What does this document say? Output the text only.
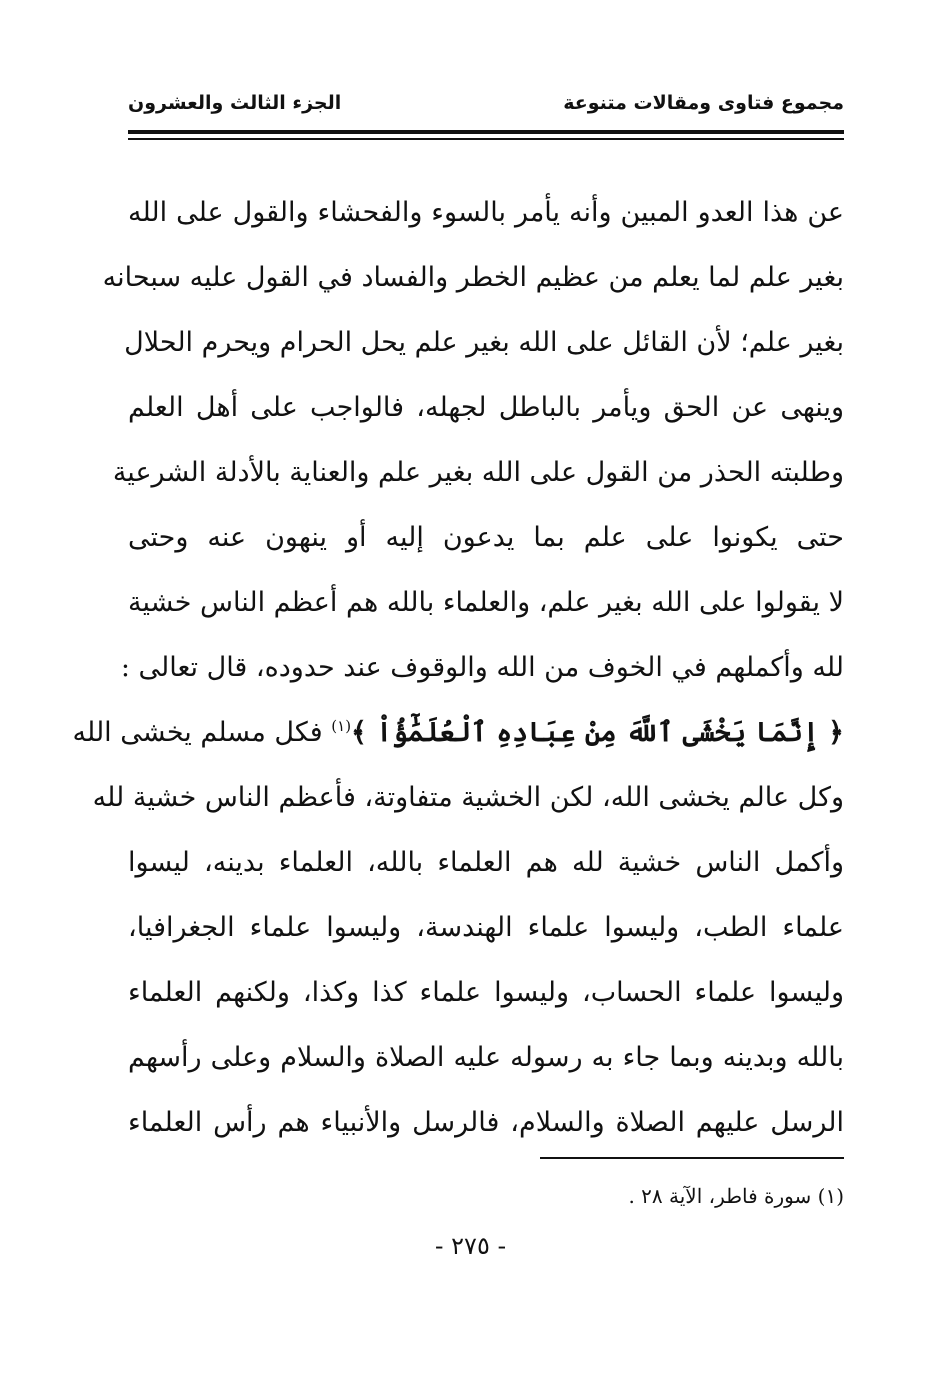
مجموع فتاوى ومقالات متنوعة
الجزء الثالث والعشرون
عن هذا العدو المبين وأنه يأمر بالسوء والفحشاء والقول على الله
بغير علم لما يعلم من عظيم الخطر والفساد في القول عليه سبحانه
بغير علم؛ لأن القائل على الله بغير علم يحل الحرام ويحرم الحلال
وينهى عن الحق ويأمر بالباطل لجهله، فالواجب على أهل العلم
وطلبته الحذر من القول على الله بغير علم والعناية بالأدلة الشرعية
حتى يكونوا على علم بما يدعون إليه أو ينهون عنه وحتى
لا يقولوا على الله بغير علم، والعلماء بالله هم أعظم الناس خشية
لله وأكملهم في الخوف من الله والوقوف عند حدوده، قال تعالى :
﴿ إِنَّمَا يَخْشَى ٱللَّهَ مِنْ عِبَادِهِ ٱلْعُلَمَٰٓؤُاْ ﴾$^{(١)}$ فكل مسلم يخشى الله
وكل عالم يخشى الله، لكن الخشية متفاوتة، فأعظم الناس خشية لله
وأكمل الناس خشية لله هم العلماء بالله، العلماء بدينه، ليسوا
علماء الطب، وليسوا علماء الهندسة، وليسوا علماء الجغرافيا،
وليسوا علماء الحساب، وليسوا علماء كذا وكذا، ولكنهم العلماء
بالله وبدينه وبما جاء به رسوله عليه الصلاة والسلام وعلى رأسهم
الرسل عليهم الصلاة والسلام، فالرسل والأنبياء هم رأس العلماء
(١) سورة فاطر، الآية ٢٨ .
- ٢٧٥ -
